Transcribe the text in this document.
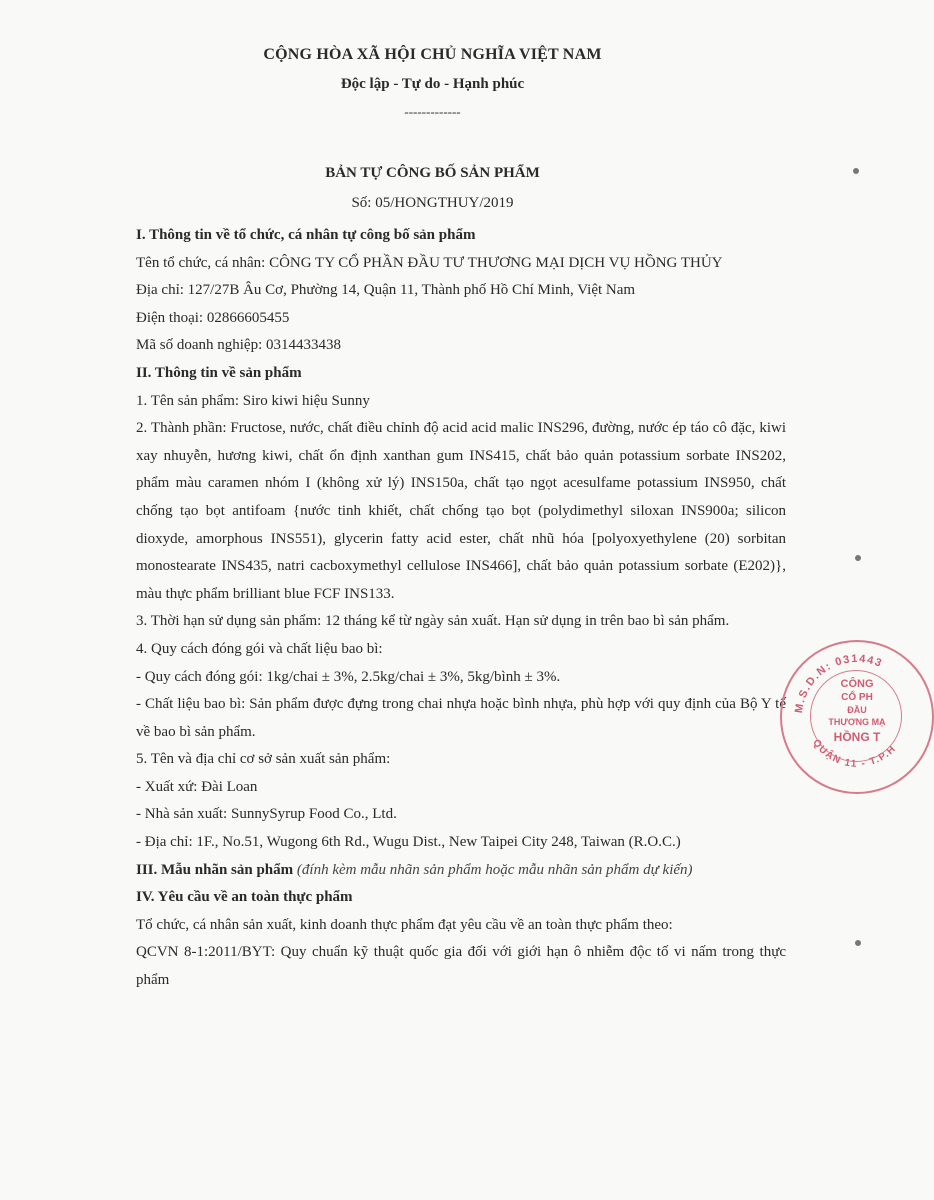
CỘNG HÒA XÃ HỘI CHỦ NGHĨA VIỆT NAM
Độc lập - Tự do - Hạnh phúc
-------------
BẢN TỰ CÔNG BỐ SẢN PHẨM
Số: 05/HONGTHUY/2019

I. Thông tin về tổ chức, cá nhân tự công bố sản phẩm

Tên tổ chức, cá nhân: CÔNG TY CỔ PHẦN ĐẦU TƯ THƯƠNG MẠI DỊCH VỤ HỒNG THỦY

Địa chỉ: 127/27B Âu Cơ, Phường 14, Quận 11, Thành phố Hồ Chí Minh, Việt Nam

Điện thoại: 02866605455

Mã số doanh nghiệp: 0314433438

II. Thông tin về sản phẩm

1. Tên sản phẩm: Siro kiwi hiệu Sunny

2. Thành phần: Fructose, nước, chất điều chỉnh độ acid acid malic INS296, đường, nước ép táo cô đặc, kiwi xay nhuyễn, hương kiwi, chất ổn định xanthan gum INS415, chất bảo quản potassium sorbate INS202, phẩm màu caramen nhóm I (không xử lý) INS150a, chất tạo ngọt acesulfame potassium INS950, chất chống tạo bọt antifoam {nước tinh khiết, chất chống tạo bọt (polydimethyl siloxan INS900a; silicon dioxyde, amorphous INS551), glycerin fatty acid ester, chất nhũ hóa [polyoxyethylene (20) sorbitan monostearate INS435, natri cacboxymethyl cellulose INS466], chất bảo quản potassium sorbate (E202)}, màu thực phẩm brilliant blue FCF INS133.

3. Thời hạn sử dụng sản phẩm: 12 tháng kể từ ngày sản xuất. Hạn sử dụng in trên bao bì sản phẩm.

4. Quy cách đóng gói và chất liệu bao bì:

- Quy cách đóng gói: 1kg/chai ± 3%, 2.5kg/chai ± 3%, 5kg/bình ± 3%.

- Chất liệu bao bì: Sản phẩm được đựng trong chai nhựa hoặc bình nhựa, phù hợp với quy định của Bộ Y tế về bao bì sản phẩm.

5. Tên và địa chỉ cơ sở sản xuất sản phẩm:

- Xuất xứ: Đài Loan

- Nhà sản xuất: SunnySyrup Food Co., Ltd.

- Địa chỉ: 1F., No.51, Wugong 6th Rd., Wugu Dist., New Taipei City 248, Taiwan (R.O.C.)

III. Mẫu nhãn sản phẩm (đính kèm mẫu nhãn sản phẩm hoặc mẫu nhãn sản phẩm dự kiến)

IV. Yêu cầu về an toàn thực phẩm

Tổ chức, cá nhân sản xuất, kinh doanh thực phẩm đạt yêu cầu về an toàn thực phẩm theo:

QCVN 8-1:2011/BYT: Quy chuẩn kỹ thuật quốc gia đối với giới hạn ô nhiễm độc tố vi nấm trong thực phẩm

M.S.D.N: 031443
QUẬN 11 - T.P.H
CÔNG
CỔ PH
ĐẦU
THƯƠNG MẠ
HỒNG T
